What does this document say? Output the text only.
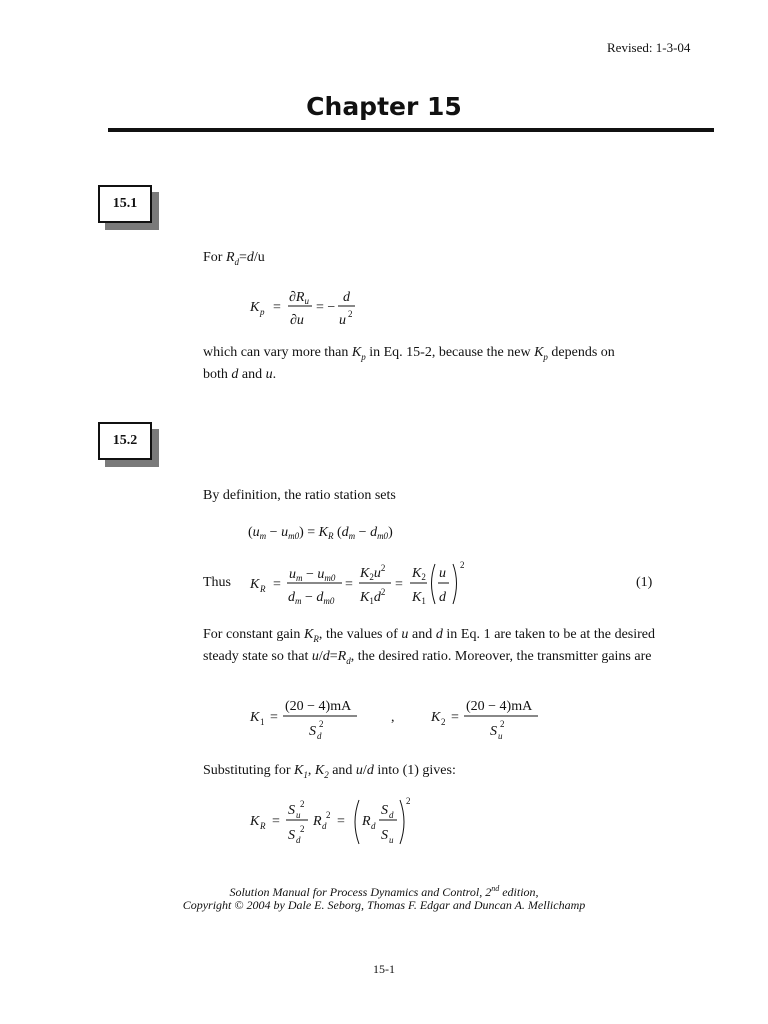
Revised: 1-3-04
Chapter 15
15.1
For $R_d=d/u$
K p =
$\partial R_u$
∂u
= −
d
u 2
which can vary more than $K_p$ in Eq. 15-2, because the new $K_p$ depends on
both d and u.
15.2
By definition, the ratio station sets
$(u_m - u_{m0}) = K_R$ $(d_m - d_{m0})$
Thus K R =
$u_m - u_{m0}$
$d_m - d_{m0}$
=
$K_2u^2$
$K_1d^2$ =
$K_2$
$K_1$
u
d
2
(1)
For constant gain $K_R$, the values of u and d in Eq. 1 are taken to be at the desired steady state so that $u/d=R_d$, the desired ratio. Moreover, the transmitter gains are
K 1 =
(20 − 4)mA
S d
2	,	K 2 =
(20 − 4)mA
S u
2
Substituting for $K_1$, $K_2$ and u/d into (1) gives:
K R =
S u
2
S d
2 R d
2 = R d
S d
S u
2
Solution Manual for Process Dynamics and Control, 2nd edition,
Copyright © 2004 by Dale E. Seborg, Thomas F. Edgar and Duncan A. Mellichamp
15-1
